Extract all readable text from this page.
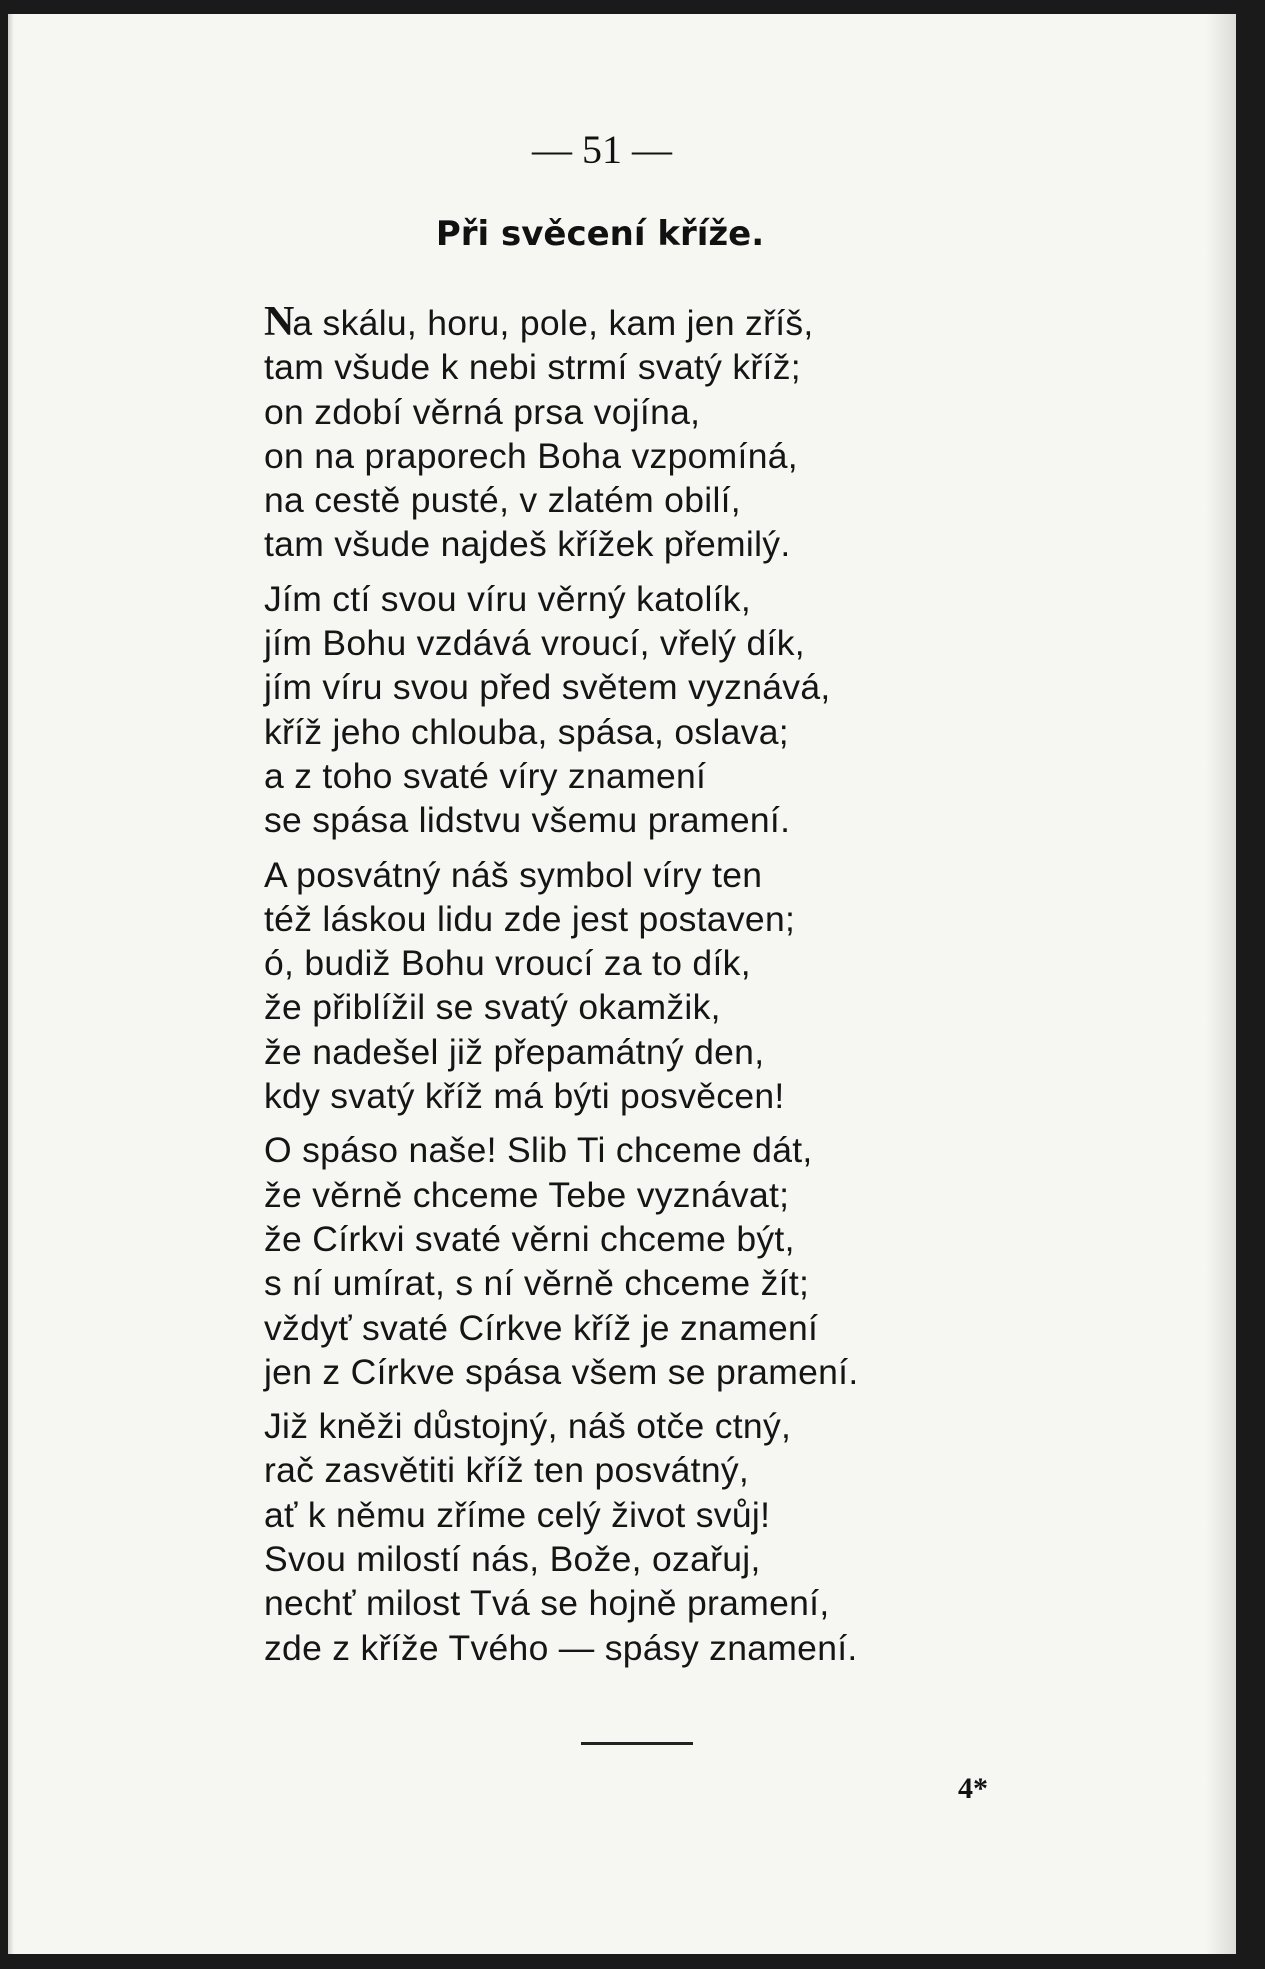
— 51 —
Při svěcení kříže.
Na skálu, horu, pole, kam jen zříš,
tam všude k nebi strmí svatý kříž;
on zdobí věrná prsa vojína,
on na praporech Boha vzpomíná,
na cestě pusté, v zlatém obilí,
tam všude najdeš křížek přemilý.
Jím ctí svou víru věrný katolík,
jím Bohu vzdává vroucí, vřelý dík,
jím víru svou před světem vyznává,
kříž jeho chlouba, spása, oslava;
a z toho svaté víry znamení
se spása lidstvu všemu pramení.
A posvátný náš symbol víry ten
též láskou lidu zde jest postaven;
ó, budiž Bohu vroucí za to dík,
že přiblížil se svatý okamžik,
že nadešel již přepamátný den,
kdy svatý kříž má býti posvěcen!
O spáso naše! Slib Ti chceme dát,
že věrně chceme Tebe vyznávat;
že Církvi svaté věrni chceme být,
s ní umírat, s ní věrně chceme žít;
vždyť svaté Církve kříž je znamení
jen z Církve spása všem se pramení.
Již kněži důstojný, náš otče ctný,
rač zasvětiti kříž ten posvátný,
ať k němu zříme celý život svůj!
Svou milostí nás, Bože, ozařuj,
nechť milost Tvá se hojně pramení,
zde z kříže Tvého — spásy znamení.
4*
